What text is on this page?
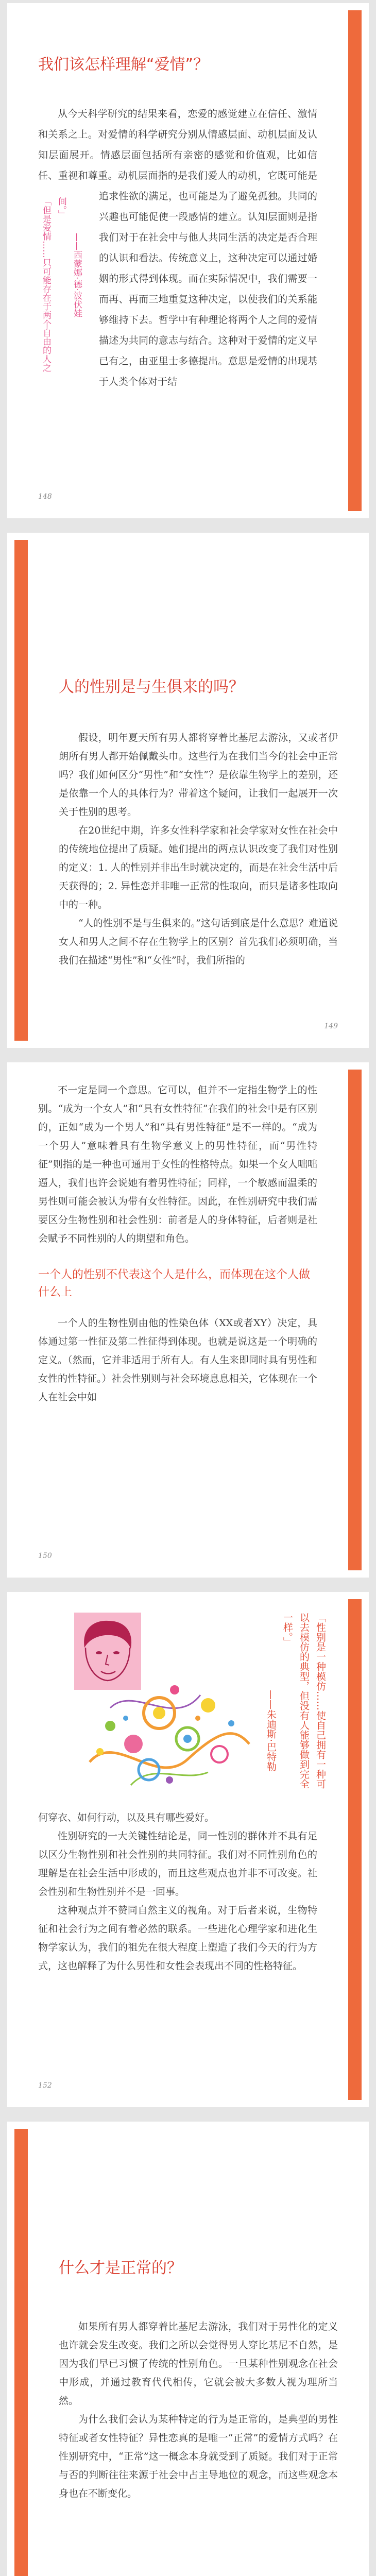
我们该怎样理解“爱情”？
「但是爱情……只可能存在于两个自由的人之间。」
——西蒙娜·德·波伏娃

从今天科学研究的结果来看，恋爱的感觉建立在信任、激情和关系之上。对爱情的科学研究分别从情感层面、动机层面及认知层面展开。情感层面包括所有亲密的感觉和价值观，比如信任、重视和尊重。动机层面指的是我们爱人的动机，它既可能是追求性欲的满足，也可能是为了避免孤独。共同的兴趣也可能促使一段感情的建立。认知层面则是指我们对于在社会中与他人共同生活的决定是否合理的认识和看法。传统意义上，这种决定可以通过婚姻的形式得到体现。而在实际情况中，我们需要一而再、再而三地重复这种决定，以使我们的关系能够维持下去。哲学中有种理论将两个人之间的爱情描述为共同的意志与结合。这种对于爱情的定义早已有之，由亚里士多德提出。意思是爱情的出现基于人类个体对于结

148
人的性别是与生俱来的吗？

假设，明年夏天所有男人都将穿着比基尼去游泳，又或者伊朗所有男人都开始佩戴头巾。这些行为在我们当今的社会中正常吗？我们如何区分“男性”和“女性”？是依靠生物学上的差别，还是依靠一个人的具体行为？带着这个疑问，让我们一起展开一次关于性别的思考。

在20世纪中期，许多女性科学家和社会学家对女性在社会中的传统地位提出了质疑。她们提出的两点认识改变了我们对性别的定义：1. 人的性别并非出生时就决定的，而是在社会生活中后天获得的；2. 异性恋并非唯一正常的性取向，而只是诸多性取向中的一种。

“人的性别不是与生俱来的。”这句话到底是什么意思？难道说女人和男人之间不存在生物学上的区别？首先我们必须明确，当我们在描述“男性”和“女性”时，我们所指的

149

不一定是同一个意思。它可以，但并不一定指生物学上的性别。“成为一个女人”和“具有女性特征”在我们的社会中是有区别的，正如“成为一个男人”和“具有男性特征”是不一样的。“成为一个男人”意味着具有生物学意义上的男性特征，而“男性特征”则指的是一种也可通用于女性的性格特点。如果一个女人咄咄逼人，我们也许会说她有着男性特征；同样，一个敏感而温柔的男性则可能会被认为带有女性特征。因此，在性别研究中我们需要区分生物性别和社会性别：前者是人的身体特征，后者则是社会赋予不同性别的人的期望和角色。

一个人的性别不代表这个人是什么，而体现在这个人做什么上

一个人的生物性别由他的性染色体（XX或者XY）决定，具体通过第一性征及第二性征得到体现。也就是说这是一个明确的定义。（然而，它并非适用于所有人。有人生来即同时具有男性和女性的性特征。）社会性别则与社会环境息息相关，它体现在一个人在社会中如

150
「性别是一种模仿……使自己拥有一种可以去模仿的典型，但没有人能够做到完全一样。」
——朱迪斯·巴特勒

何穿衣、如何行动，以及具有哪些爱好。

性别研究的一大关键性结论是，同一性别的群体并不具有足以区分生物性别和社会性别的共同特征。我们对不同性别角色的理解是在社会生活中形成的，而且这些观点也并非不可改变。社会性别和生物性别并不是一回事。

这种观点并不赞同自然主义的视角。对于后者来说，生物特征和社会行为之间有着必然的联系。一些进化心理学家和进化生物学家认为，我们的祖先在很大程度上塑造了我们今天的行为方式，这也解释了为什么男性和女性会表现出不同的性格特征。

152
什么才是正常的？

如果所有男人都穿着比基尼去游泳，我们对于男性化的定义也许就会发生改变。我们之所以会觉得男人穿比基尼不自然，是因为我们早已习惯了传统的性别角色。一旦某种性别观念在社会中形成，并通过教育代代相传，它就会被大多数人视为理所当然。

为什么我们会认为某种特定的行为是正常的，是典型的男性特征或者女性特征？异性恋真的是唯一“正常”的爱情方式吗？在性别研究中，“正常”这一概念本身就受到了质疑。我们对于正常与否的判断往往来源于社会中占主导地位的观念，而这些观念本身也在不断变化。
